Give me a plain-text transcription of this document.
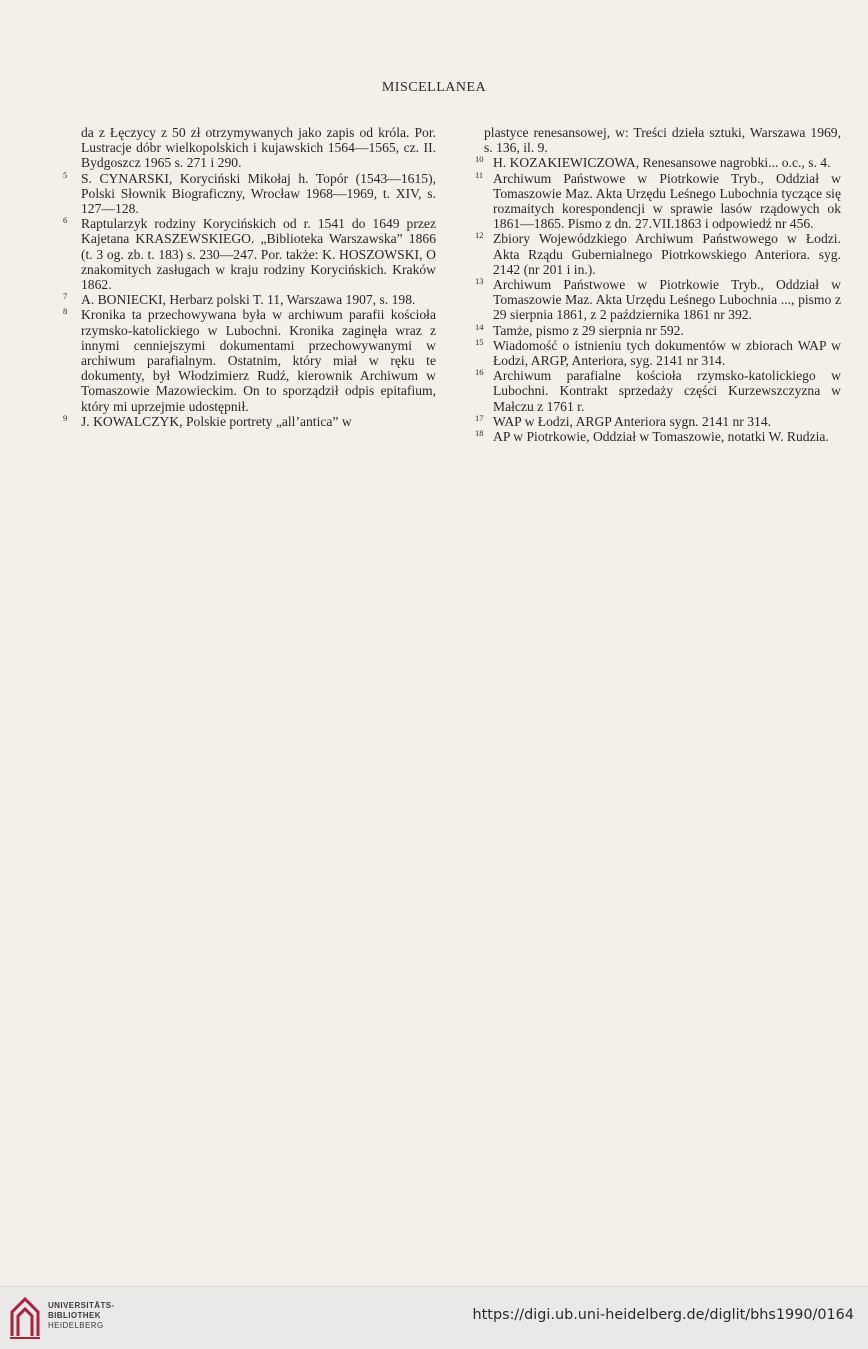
MISCELLANEA

da z Łęczycy z 50 zł otrzymywanych jako zapis od króla. Por. Lustracje dóbr wielkopolskich i kujawskich 1564—1565, cz. II. Bydgoszcz 1965 s. 271 i 290.

5 S. CYNARSKI, Koryciński Mikołaj h. Topór (1543—1615), Polski Słownik Biograficzny, Wrocław 1968—1969, t. XIV, s. 127—128.

6 Raptularzyk rodziny Korycińskich od r. 1541 do 1649 przez Kajetana KRASZEWSKIEGO. „Biblioteka Warszawska” 1866 (t. 3 og. zb. t. 183) s. 230—247. Por. także: K. HOSZOWSKI, O znakomitych zasługach w kraju rodziny Korycińskich. Kraków 1862.

7 A. BONIECKI, Herbarz polski T. 11, Warszawa 1907, s. 198.

8 Kronika ta przechowywana była w archiwum parafii kościoła rzymsko-katolickiego w Lubochni. Kronika zaginęła wraz z innymi cenniejszymi dokumentami przechowywanymi w archiwum parafialnym. Ostatnim, który miał w ręku te dokumenty, był Włodzimierz Rudź, kierownik Archiwum w Tomaszowie Mazowieckim. On to sporządził odpis epitafium, który mi uprzejmie udostępnił.

9 J. KOWALCZYK, Polskie portrety „all’antica” w

plastyce renesansowej, w: Treści dzieła sztuki, Warszawa 1969, s. 136, il. 9.

10 H. KOZAKIEWICZOWA, Renesansowe nagrobki... o.c., s. 4.

11 Archiwum Państwowe w Piotrkowie Tryb., Oddział w Tomaszowie Maz. Akta Urzędu Leśnego Lubochnia tyczące się rozmaitych korespondencji w sprawie lasów rządowych ok 1861—1865. Pismo z dn. 27.VII.1863 i odpowiedź nr 456.

12 Zbiory Wojewódzkiego Archiwum Państwowego w Łodzi. Akta Rządu Gubernialnego Piotrkowskiego Anteriora. syg. 2142 (nr 201 i in.).

13 Archiwum Państwowe w Piotrkowie Tryb., Oddział w Tomaszowie Maz. Akta Urzędu Leśnego Lubochnia ..., pismo z 29 sierpnia 1861, z 2 października 1861 nr 392.

14 Tamże, pismo z 29 sierpnia nr 592.

15 Wiadomość o istnieniu tych dokumentów w zbiorach WAP w Łodzi, ARGP, Anteriora, syg. 2141 nr 314.

16 Archiwum parafialne kościoła rzymsko-katolickiego w Lubochni. Kontrakt sprzedaży części Kurzewszczyzna w Małczu z 1761 r.

17 WAP w Łodzi, ARGP Anteriora sygn. 2141 nr 314.

18 AP w Piotrkowie, Oddział w Tomaszowie, notatki W. Rudzia.

UNIVERSITÄTS-
BIBLIOTHEK
HEIDELBERG
https://digi.ub.uni-heidelberg.de/diglit/bhs1990/0164
